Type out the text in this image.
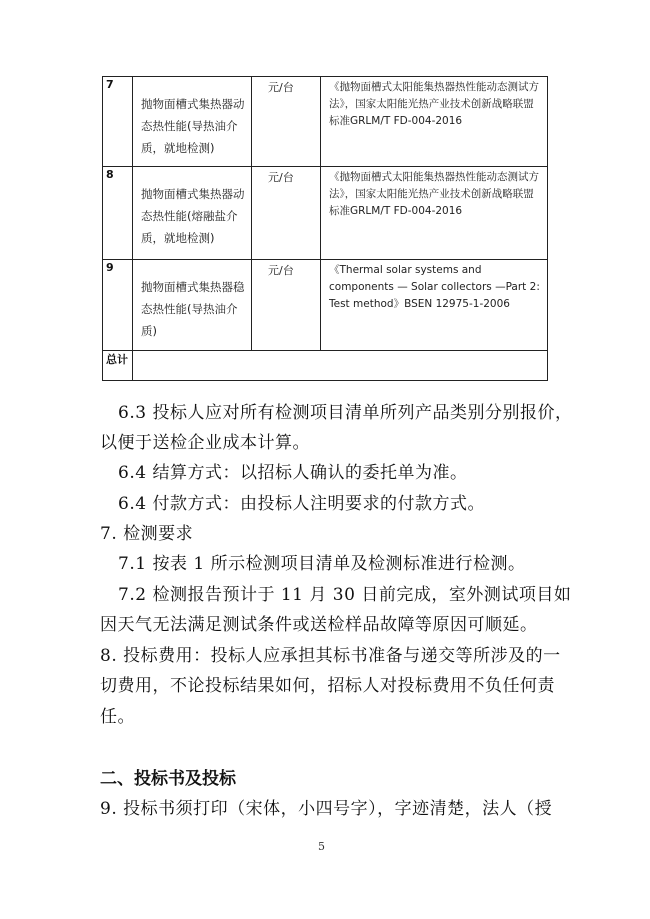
7	抛物面槽式集热器动态热性能(导热油介质，就地检测)	元/台	《抛物面槽式太阳能集热器热性能动态测试方法》，国家太阳能光热产业技术创新战略联盟标准GRLM/T FD-004-2016
8	抛物面槽式集热器动态热性能(熔融盐介质，就地检测)	元/台	《抛物面槽式太阳能集热器热性能动态测试方法》，国家太阳能光热产业技术创新战略联盟标准GRLM/T FD-004-2016
9	抛物面槽式集热器稳态热性能(导热油介质)	元/台	《Thermal solar systems and components — Solar collectors —Part 2: Test method》BSEN 12975-1-2006
总计			
6.3 投标人应对所有检测项目清单所列产品类别分别报价，
以便于送检企业成本计算。
6.4 结算方式：以招标人确认的委托单为准。
6.4 付款方式：由投标人注明要求的付款方式。
7. 检测要求
7.1 按表 1 所示检测项目清单及检测标准进行检测。
7.2 检测报告预计于 11 月 30 日前完成，室外测试项目如
因天气无法满足测试条件或送检样品故障等原因可顺延。
8. 投标费用：投标人应承担其标书准备与递交等所涉及的一
切费用，不论投标结果如何，招标人对投标费用不负任何责
任。
二、投标书及投标
9. 投标书须打印（宋体，小四号字），字迹清楚，法人（授
5
